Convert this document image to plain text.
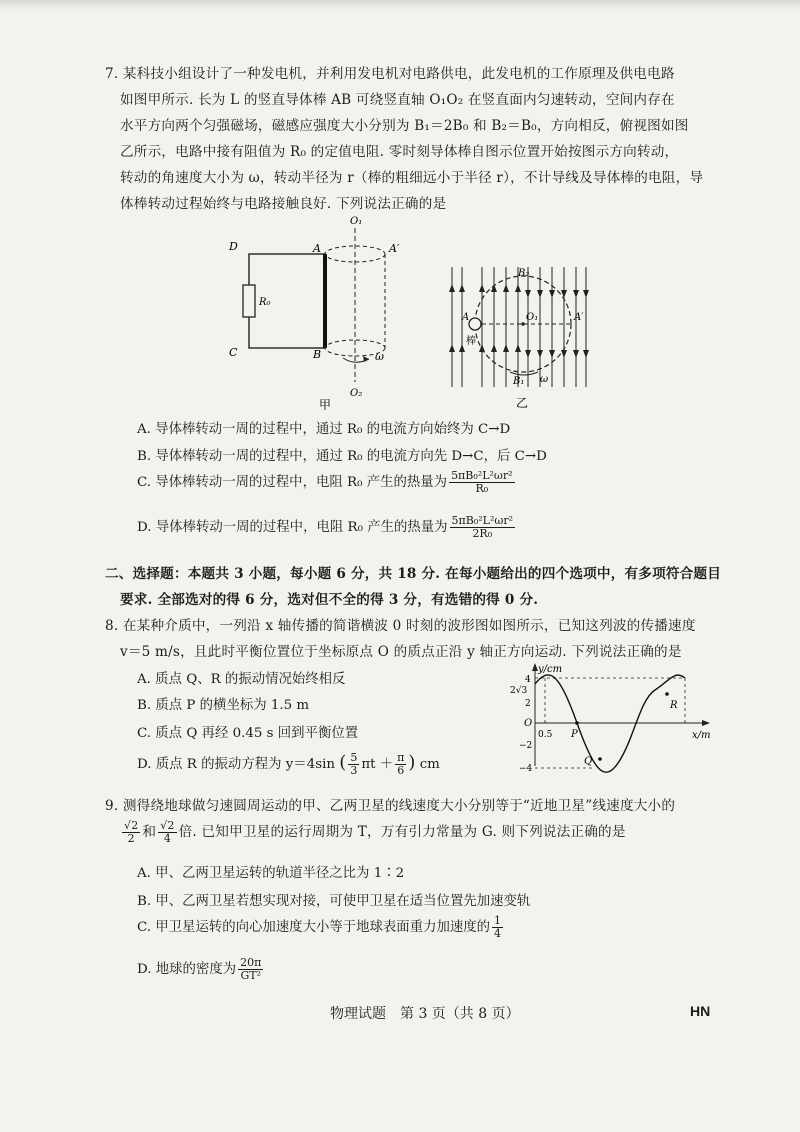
7. 某科技小组设计了一种发电机，并利用发电机对电路供电，此发电机的工作原理及供电电路
如图甲所示. 长为 L 的竖直导体棒 AB 可绕竖直轴 O₁O₂ 在竖直面内匀速转动，空间内存在
水平方向两个匀强磁场，磁感应强度大小分别为 B₁＝2B₀ 和 B₂＝B₀，方向相反，俯视图如图
乙所示，电路中接有阻值为 R₀ 的定值电阻. 零时刻导体棒自图示位置开始按图示方向转动，
转动的角速度大小为 ω，转动半径为 r（棒的粗细远小于半径 r），不计导线及导体棒的电阻，导
体棒转动过程始终与电路接触良好. 下列说法正确的是
D	A	A′
C	B
O₁
O₂
R₀
ω
甲
A	O₁	A′
B₂
B₁
棒
ω
乙
A. 导体棒转动一周的过程中，通过 R₀ 的电流方向始终为 C→D
B. 导体棒转动一周的过程中，通过 R₀ 的电流方向先 D→C，后 C→D
C. 导体棒转动一周的过程中，电阻 R₀ 产生的热量为 $\frac{\text{5πB₀²L²ωr²}}{\text{R₀}}$
D. 导体棒转动一周的过程中，电阻 R₀ 产生的热量为 $\frac{\text{5πB₀²L²ωr²}}{\text{2R₀}}$
二、选择题：本题共 3 小题，每小题 6 分，共 18 分. 在每小题给出的四个选项中，有多项符合题目
要求. 全部选对的得 6 分，选对但不全的得 3 分，有选错的得 0 分.
8. 在某种介质中，一列沿 x 轴传播的简谐横波 0 时刻的波形图如图所示，已知这列波的传播速度
v＝5 m/s，且此时平衡位置位于坐标原点 O 的质点正沿 y 轴正方向运动. 下列说法正确的是
A. 质点 Q、R 的振动情况始终相反
B. 质点 P 的横坐标为 1.5 m
C. 质点 Q 再经 0.45 s 回到平衡位置
D. 质点 R 的振动方程为 y＝4sin ( $\frac{5}{3}$ $\pi t + \frac{\pi}{6}$ ) cm
y/cm
x/m
4
2√3
2
O
−2
−4
0.5 P
Q
R
9. 测得绕地球做匀速圆周运动的甲、乙两卫星的线速度大小分别等于“近地卫星”线速度大小的
$\frac{√2}{2}$ 和 $\frac{√2}{4}$ 倍. 已知甲卫星的运行周期为 T，万有引力常量为 G. 则下列说法正确的是
A. 甲、乙两卫星运转的轨道半径之比为 1∶2
B. 甲、乙两卫星若想实现对接，可使甲卫星在适当位置先加速变轨
C. 甲卫星运转的向心加速度大小等于地球表面重力加速度的 $\frac{1}{4}$
D. 地球的密度为 $\frac{20\pi}{\text{GT²}}$
物理试题　第 3 页（共 8 页）	HN
